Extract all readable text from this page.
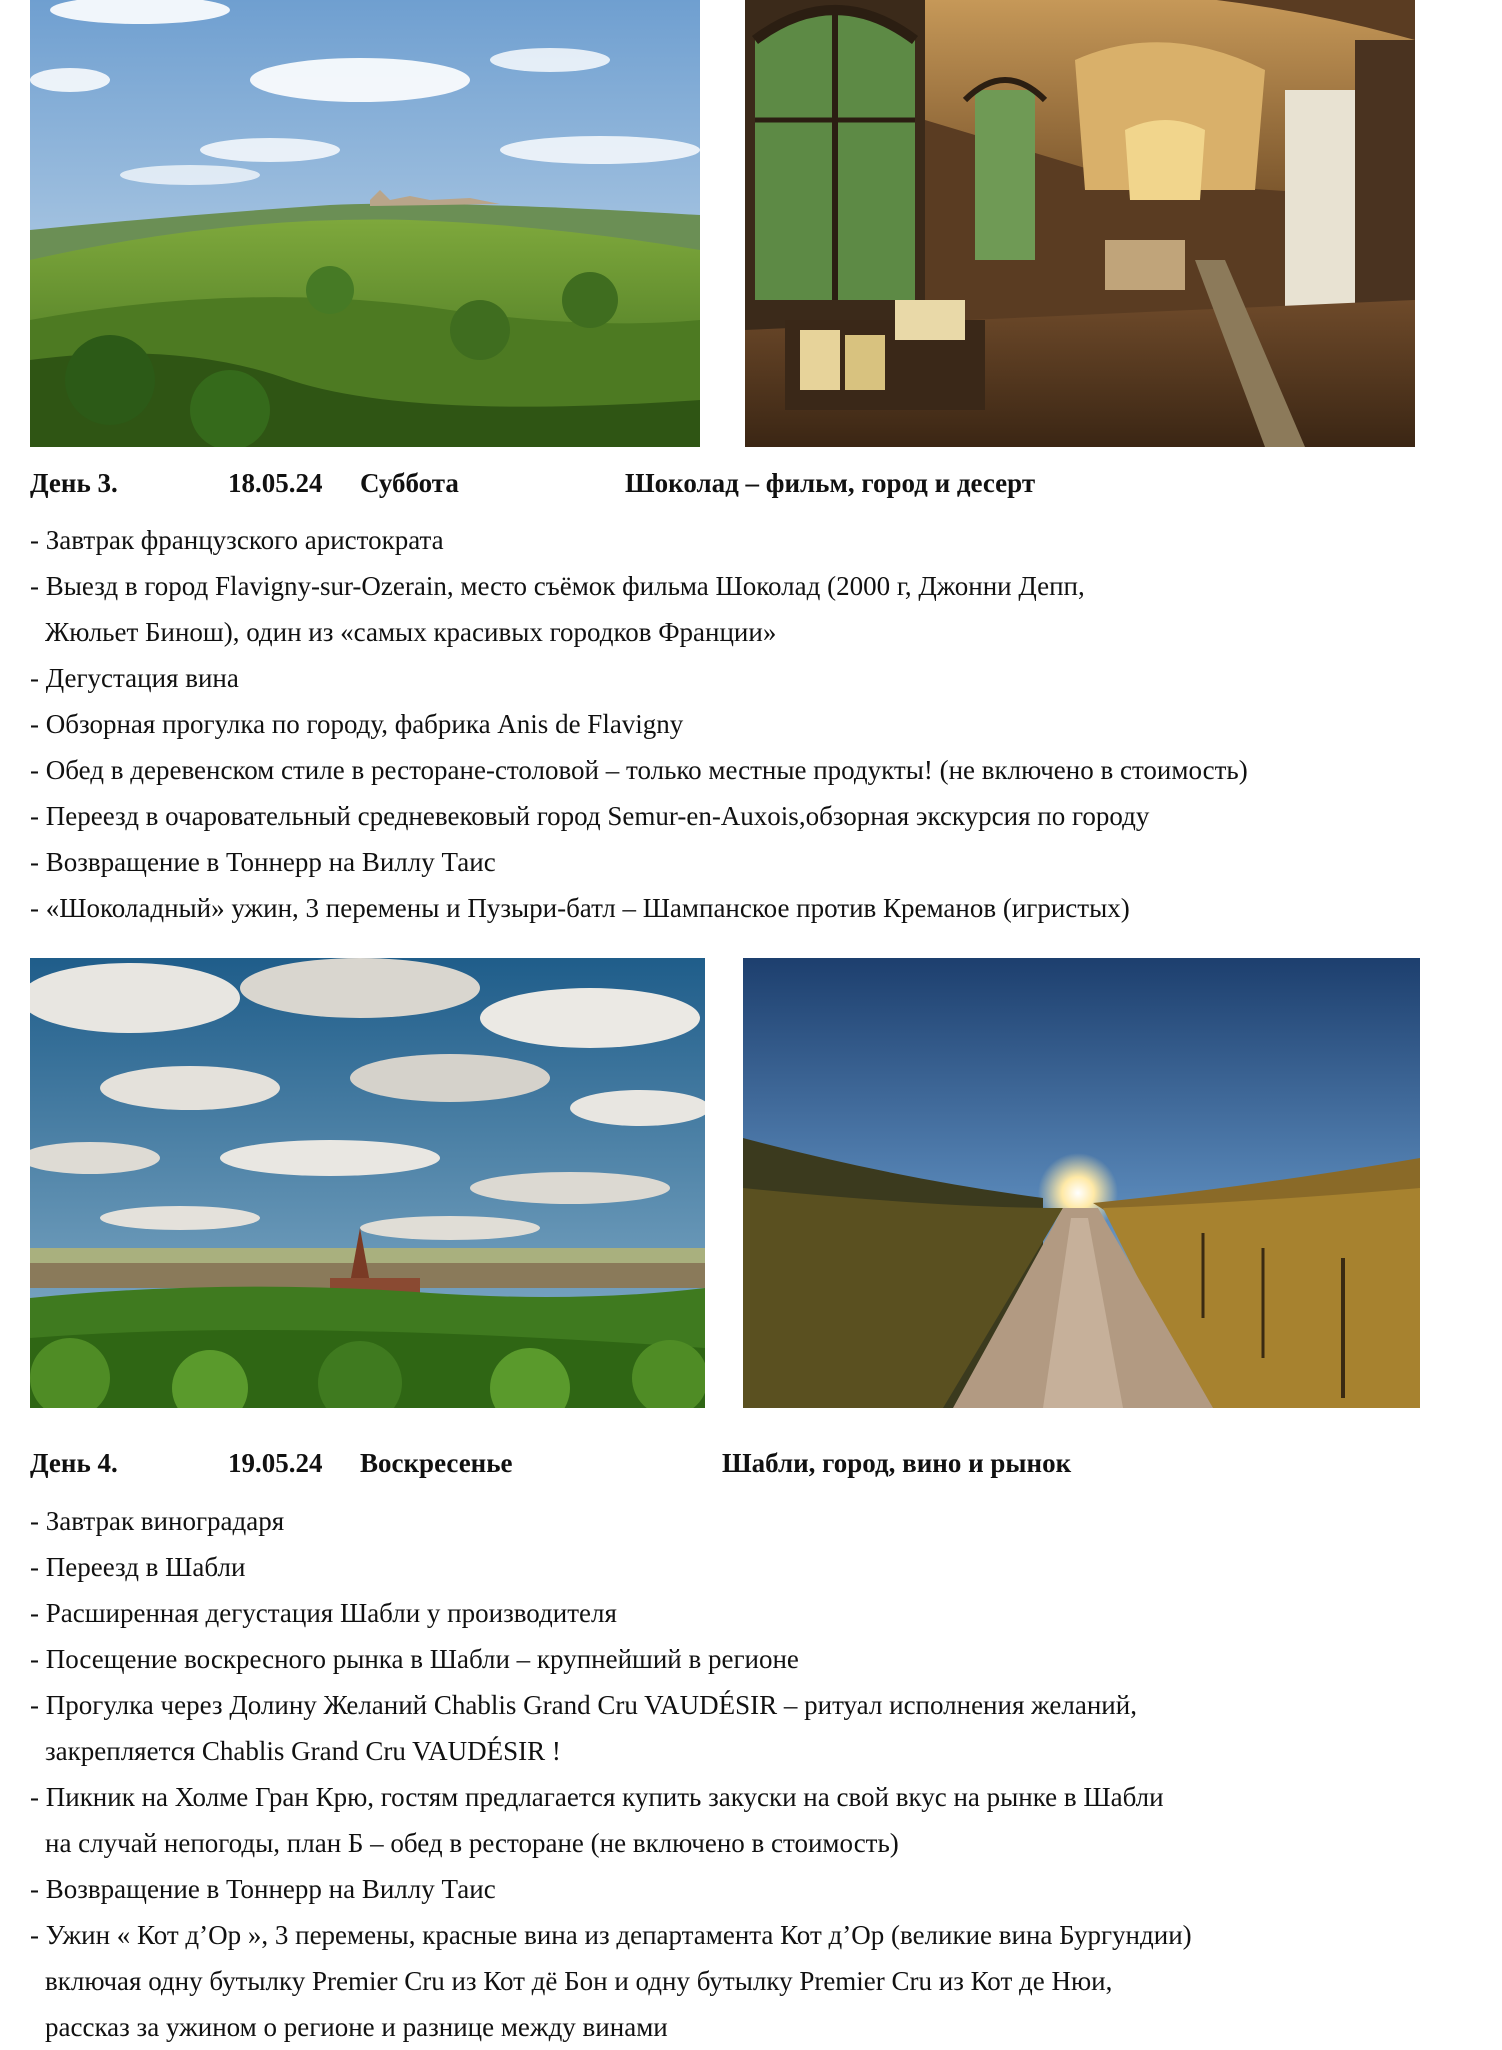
День 3.	18.05.24 Суббота	Шоколад – фильм, город и десерт
- Завтрак французского аристократа
- Выезд в город Flavigny-sur-Ozerain, место съёмок фильма Шоколад (2000 г, Джонни Депп,
Жюльет Бинош), один из «самых красивых городков Франции»
- Дегустация вина
- Обзорная прогулка по городу, фабрика Anis de Flavigny
- Обед в деревенском стиле в ресторане-столовой – только местные продукты! (не включено в стоимость)
- Переезд в очаровательный средневековый город Semur-en-Auxois,обзорная экскурсия по городу
- Возвращение в Тоннерр на Виллу Таис
- «Шоколадный» ужин, 3 перемены и Пузыри-батл – Шампанское против Креманов (игристых)
День 4.	19.05.24 Воскресенье	Шабли, город, вино и рынок
- Завтрак виноградаря
- Переезд в Шабли
- Расширенная дегустация Шабли у производителя
- Посещение воскресного рынка в Шабли – крупнейший в регионе
- Прогулка через Долину Желаний Chablis Grand Cru VAUDÉSIR – ритуал исполнения желаний,
закрепляется Chablis Grand Cru VAUDÉSIR !
- Пикник на Холме Гран Крю, гостям предлагается купить закуски на свой вкус на рынке в Шабли
на случай непогоды, план Б – обед в ресторане (не включено в стоимость)
- Возвращение в Тоннерр на Виллу Таис
- Ужин « Кот д’Ор », 3 перемены, красные вина из департамента Кот д’Ор (великие вина Бургундии)
включая одну бутылку Premier Cru из Кот дё Бон и одну бутылку Premier Cru из Кот де Нюи,
рассказ за ужином о регионе и разнице между винами
